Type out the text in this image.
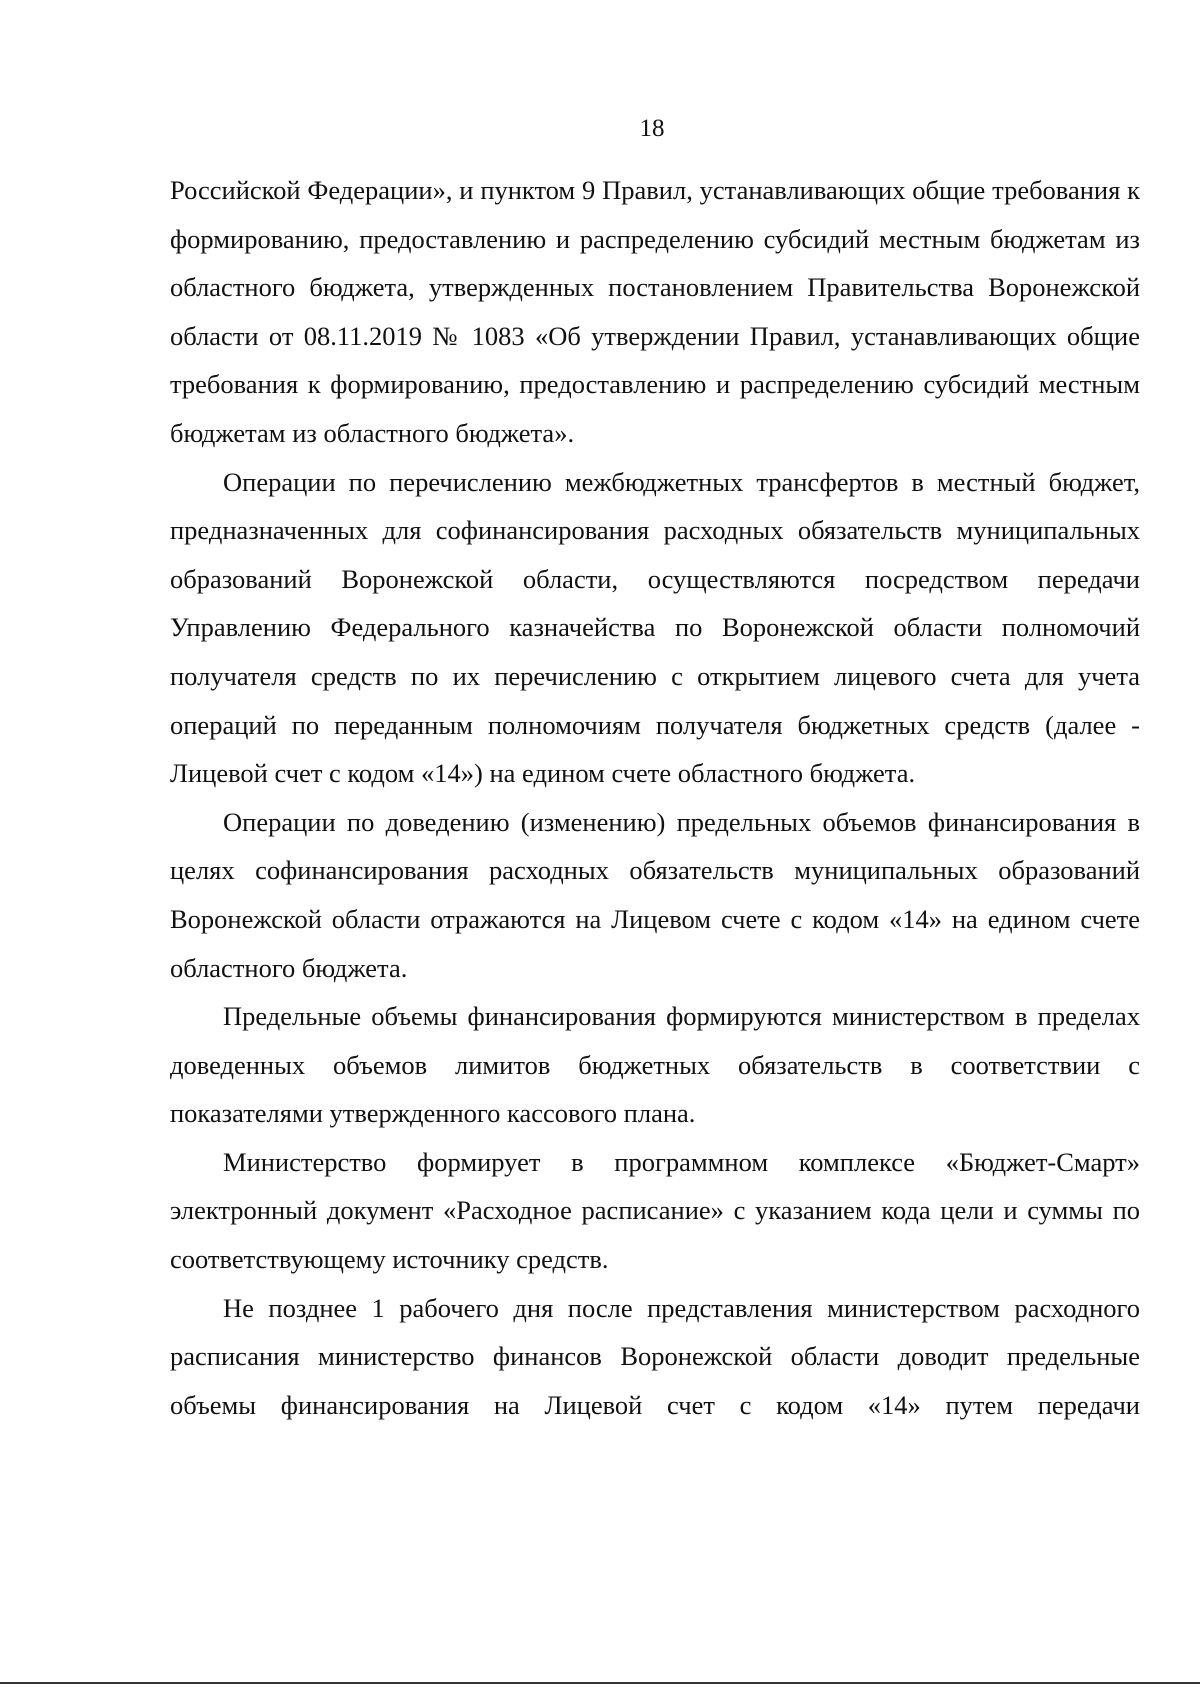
18

Российской Федерации», и пунктом 9 Правил, устанавливающих общие требования к формированию, предоставлению и распределению субсидий местным бюджетам из областного бюджета, утвержденных постановлением Правительства Воронежской области от 08.11.2019 № 1083 «Об утверждении Правил, устанавливающих общие требования к формированию, предоставлению и распределению субсидий местным бюджетам из областного бюджета».

Операции по перечислению межбюджетных трансфертов в местный бюджет, предназначенных для софинансирования расходных обязательств муниципальных образований Воронежской области, осуществляются посредством передачи Управлению Федерального казначейства по Воронежской области полномочий получателя средств по их перечислению с открытием лицевого счета для учета операций по переданным полномочиям получателя бюджетных средств (далее - Лицевой счет с кодом «14») на едином счете областного бюджета.

Операции по доведению (изменению) предельных объемов финансирования в целях софинансирования расходных обязательств муниципальных образований Воронежской области отражаются на Лицевом счете с кодом «14» на едином счете областного бюджета.

Предельные объемы финансирования формируются министерством в пределах доведенных объемов лимитов бюджетных обязательств в соответствии с показателями утвержденного кассового плана.

Министерство формирует в программном комплексе «Бюджет-Смарт» электронный документ «Расходное расписание» с указанием кода цели и суммы по соответствующему источнику средств.

Не позднее 1 рабочего дня после представления министерством расходного расписания министерство финансов Воронежской области доводит предельные объемы финансирования на Лицевой счет с кодом «14» путем передачи
